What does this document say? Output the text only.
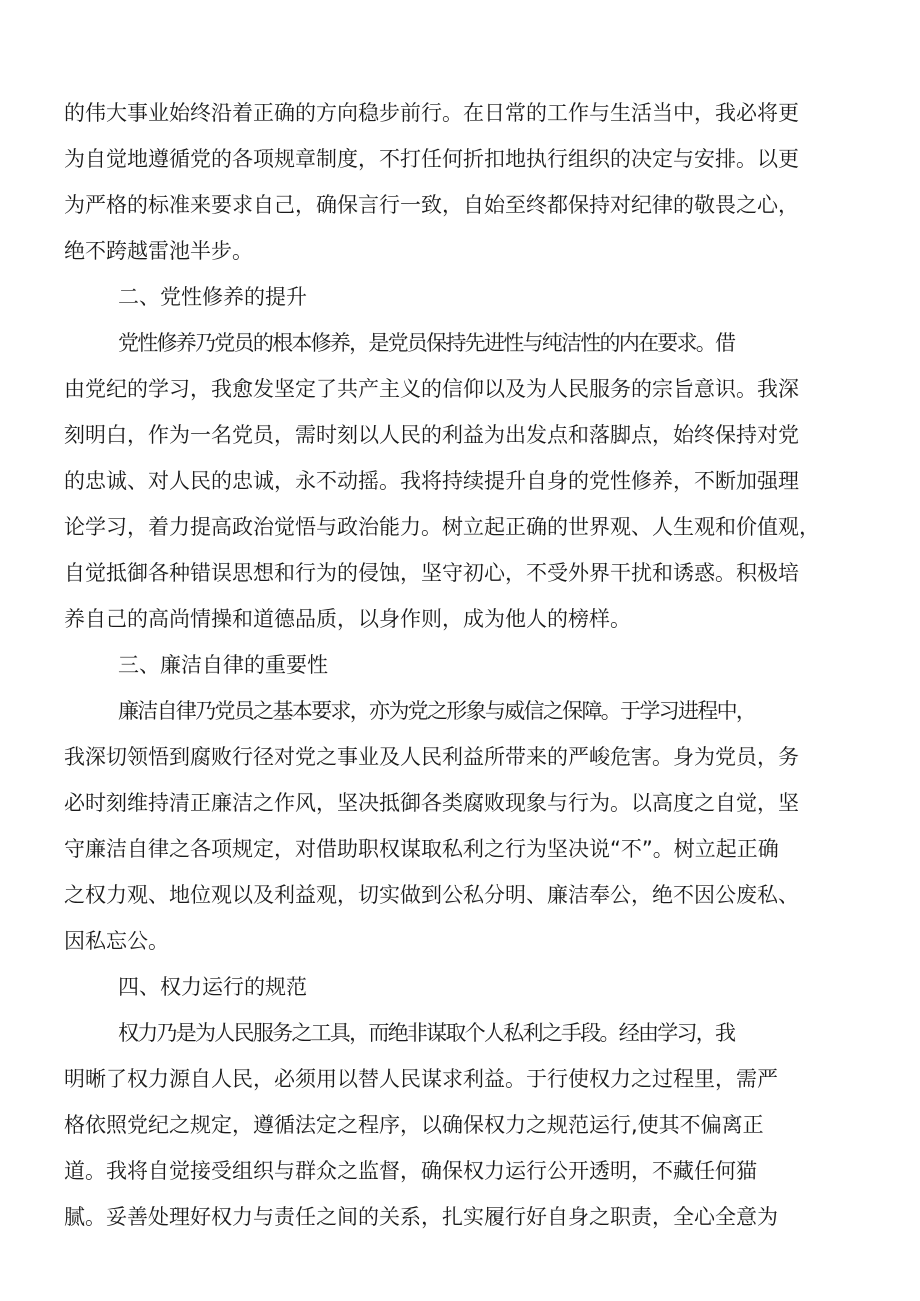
的伟大事业始终沿着正确的方向稳步前行。在日常的工作与生活当中，我必将更
为自觉地遵循党的各项规章制度，不打任何折扣地执行组织的决定与安排。以更
为严格的标准来要求自己，确保言行一致，自始至终都保持对纪律的敬畏之心，
绝不跨越雷池半步。
二、党性修养的提升
党性修养乃党员的根本修养，是党员保持先进性与纯洁性的内在要求。借
由党纪的学习，我愈发坚定了共产主义的信仰以及为人民服务的宗旨意识。我深
刻明白，作为一名党员，需时刻以人民的利益为出发点和落脚点，始终保持对党
的忠诚、对人民的忠诚，永不动摇。我将持续提升自身的党性修养，不断加强理
论学习，着力提高政治觉悟与政治能力。树立起正确的世界观、人生观和价值观，
自觉抵御各种错误思想和行为的侵蚀，坚守初心，不受外界干扰和诱惑。积极培
养自己的高尚情操和道德品质，以身作则，成为他人的榜样。
三、廉洁自律的重要性
廉洁自律乃党员之基本要求，亦为党之形象与威信之保障。于学习进程中，
我深切领悟到腐败行径对党之事业及人民利益所带来的严峻危害。身为党员，务
必时刻维持清正廉洁之作风，坚决抵御各类腐败现象与行为。以高度之自觉，坚
守廉洁自律之各项规定，对借助职权谋取私利之行为坚决说“不”。树立起正确
之权力观、地位观以及利益观，切实做到公私分明、廉洁奉公，绝不因公废私、
因私忘公。
四、权力运行的规范
权力乃是为人民服务之工具，而绝非谋取个人私利之手段。经由学习，我
明晰了权力源自人民，必须用以替人民谋求利益。于行使权力之过程里，需严
格依照党纪之规定，遵循法定之程序，以确保权力之规范运行,使其不偏离正
道。我将自觉接受组织与群众之监督，确保权力运行公开透明，不藏任何猫
腻。妥善处理好权力与责任之间的关系，扎实履行好自身之职责，全心全意为
